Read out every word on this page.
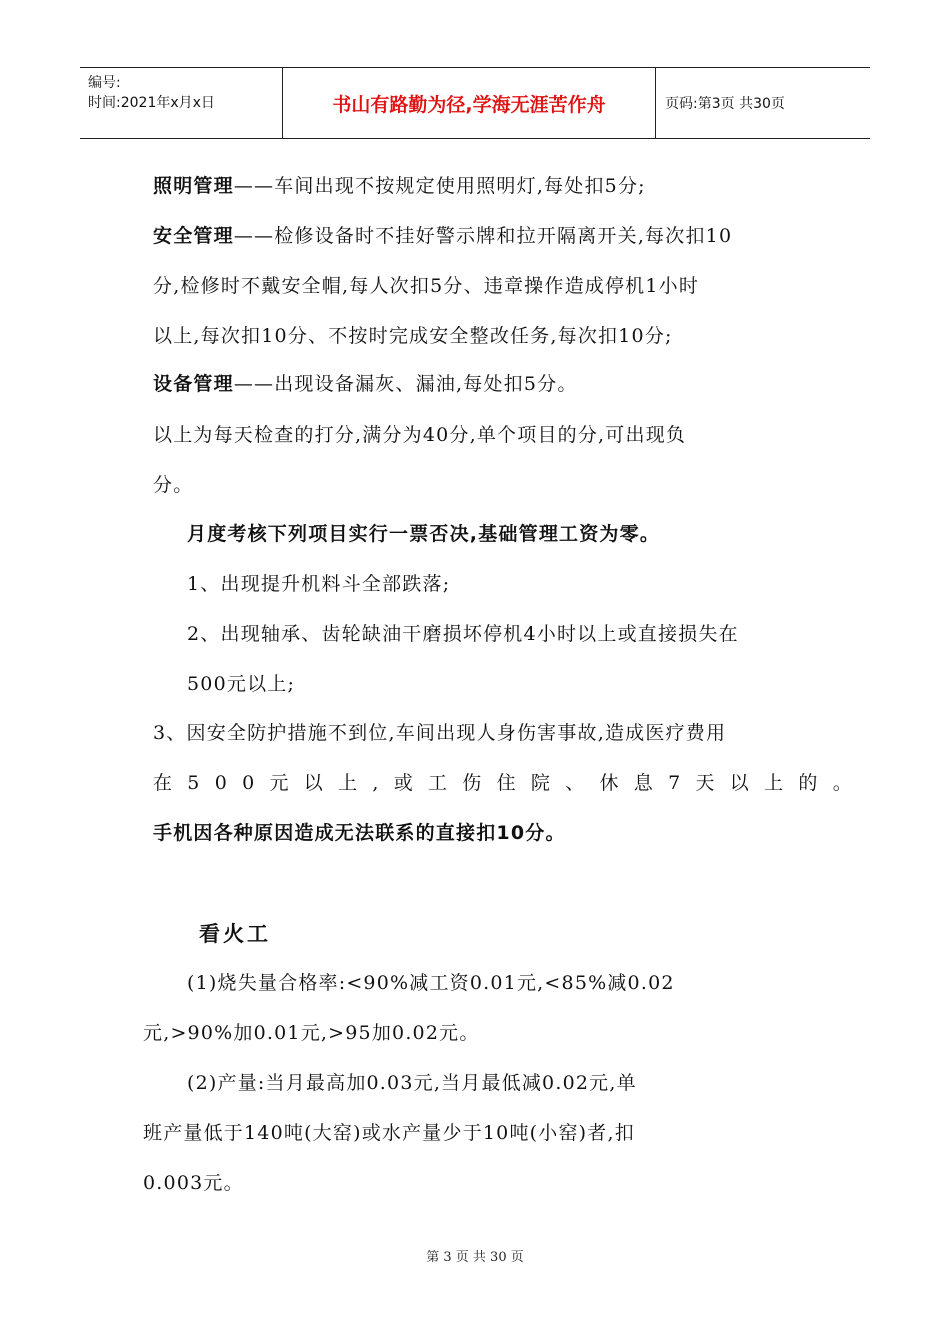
编号:
时间:2021年x月x日	书山有路勤为径,学海无涯苦作舟	页码:第3页 共30页
照明管理——车间出现不按规定使用照明灯,每处扣5分;
安全管理——检修设备时不挂好警示牌和拉开隔离开关,每次扣10
分,检修时不戴安全帽,每人次扣5分、违章操作造成停机1小时
以上,每次扣10分、不按时完成安全整改任务,每次扣10分;
设备管理——出现设备漏灰、漏油,每处扣5分。
以上为每天检查的打分,满分为40分,单个项目的分,可出现负
分。
月度考核下列项目实行一票否决,基础管理工资为零。
1、出现提升机料斗全部跌落;
2、出现轴承、齿轮缺油干磨损坏停机4小时以上或直接损失在
500元以上;
3、因安全防护措施不到位,车间出现人身伤害事故,造成医疗费用
在500元以上,或工伤住院、休息7天以上的。
手机因各种原因造成无法联系的直接扣10分。
看火工
(1)烧失量合格率:<90%减工资0.01元,<85%减0.02
元,>90%加0.01元,>95加0.02元。
(2)产量:当月最高加0.03元,当月最低减0.02元,单
班产量低于140吨(大窑)或水产量少于10吨(小窑)者,扣
0.003元。
第 3 页 共 30 页
